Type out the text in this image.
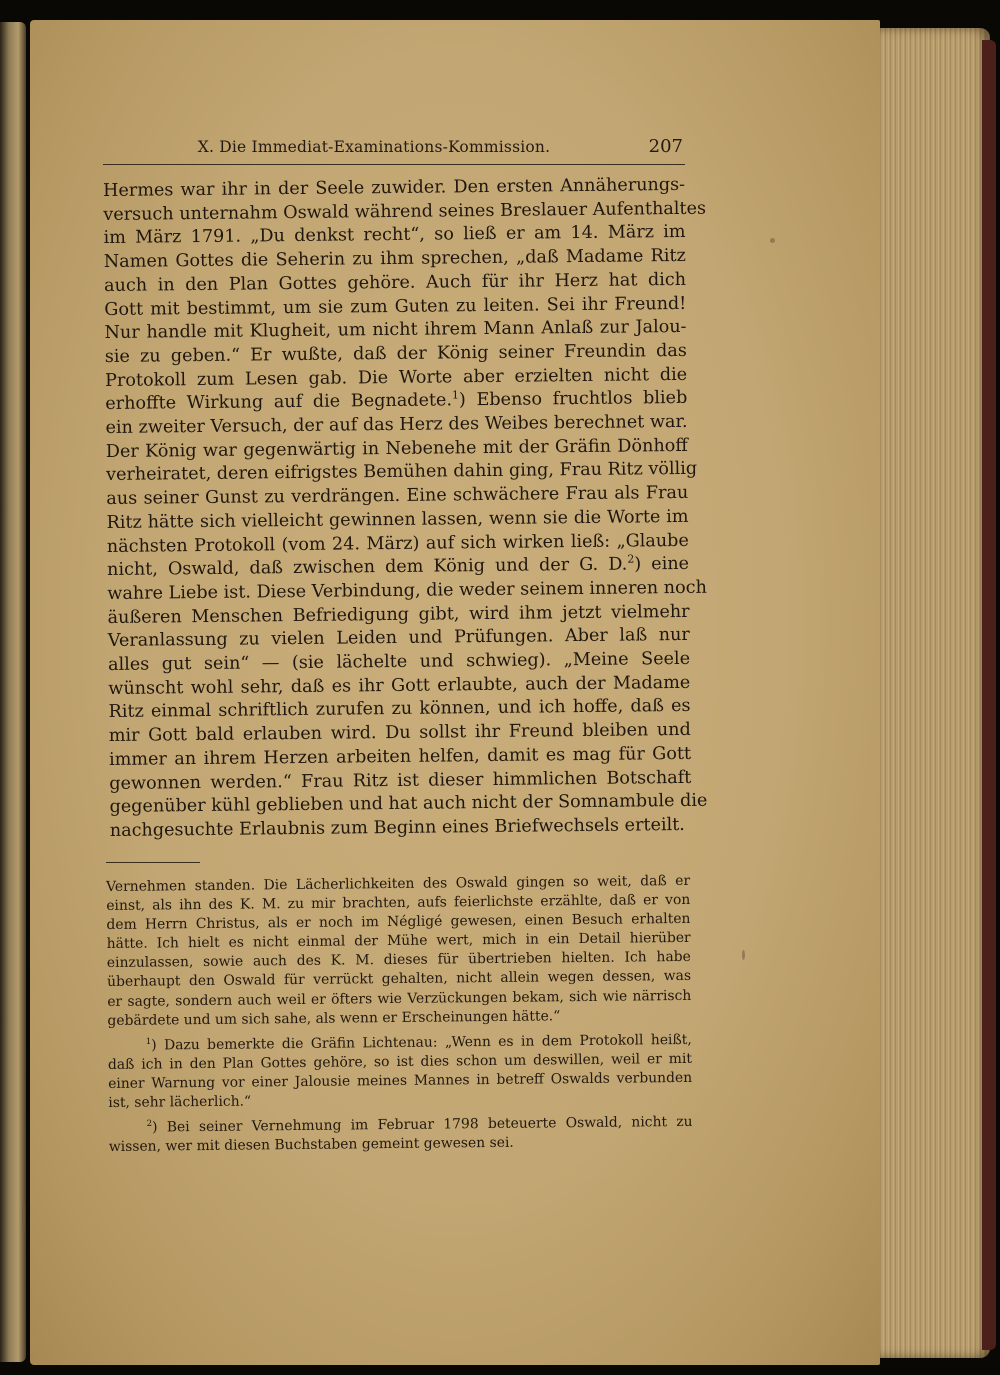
X. Die Immediat-Examinations-Kommission.	207
Hermes war ihr in der Seele zuwider. Den ersten Annäherungs-
versuch unternahm Oswald während seines Breslauer Aufenthaltes
im März 1791. „Du denkst recht“, so ließ er am 14. März im
Namen Gottes die Seherin zu ihm sprechen, „daß Madame Ritz
auch in den Plan Gottes gehöre. Auch für ihr Herz hat dich
Gott mit bestimmt, um sie zum Guten zu leiten. Sei ihr Freund!
Nur handle mit Klugheit, um nicht ihrem Mann Anlaß zur Jalou-
sie zu geben.“ Er wußte, daß der König seiner Freundin das
Protokoll zum Lesen gab. Die Worte aber erzielten nicht die
erhoffte Wirkung auf die Begnadete.$^1$) Ebenso fruchtlos blieb
ein zweiter Versuch, der auf das Herz des Weibes berechnet war.
Der König war gegenwärtig in Nebenehe mit der Gräfin Dönhoff
verheiratet, deren eifrigstes Bemühen dahin ging, Frau Ritz völlig
aus seiner Gunst zu verdrängen. Eine schwächere Frau als Frau
Ritz hätte sich vielleicht gewinnen lassen, wenn sie die Worte im
nächsten Protokoll (vom 24. März) auf sich wirken ließ: „Glaube
nicht, Oswald, daß zwischen dem König und der G. D.$^2$) eine
wahre Liebe ist. Diese Verbindung, die weder seinem inneren noch
äußeren Menschen Befriedigung gibt, wird ihm jetzt vielmehr
Veranlassung zu vielen Leiden und Prüfungen. Aber laß nur
alles gut sein“ — (sie lächelte und schwieg). „Meine Seele
wünscht wohl sehr, daß es ihr Gott erlaubte, auch der Madame
Ritz einmal schriftlich zurufen zu können, und ich hoffe, daß es
mir Gott bald erlauben wird. Du sollst ihr Freund bleiben und
immer an ihrem Herzen arbeiten helfen, damit es mag für Gott
gewonnen werden.“ Frau Ritz ist dieser himmlichen Botschaft
gegenüber kühl geblieben und hat auch nicht der Somnambule die
nachgesuchte Erlaubnis zum Beginn eines Briefwechsels erteilt.
Vernehmen standen. Die Lächerlichkeiten des Oswald gingen so weit, daß er
einst, als ihn des K. M. zu mir brachten, aufs feierlichste erzählte, daß er von
dem Herrn Christus, als er noch im Négligé gewesen, einen Besuch erhalten
hätte. Ich hielt es nicht einmal der Mühe wert, mich in ein Detail hierüber
einzulassen, sowie auch des K. M. dieses für übertrieben hielten. Ich habe
überhaupt den Oswald für verrückt gehalten, nicht allein wegen dessen, was
er sagte, sondern auch weil er öfters wie Verzückungen bekam, sich wie närrisch
gebärdete und um sich sahe, als wenn er Erscheinungen hätte.“
$^1$) Dazu bemerkte die Gräfin Lichtenau: „Wenn es in dem Protokoll heißt,
daß ich in den Plan Gottes gehöre, so ist dies schon um deswillen, weil er mit
einer Warnung vor einer Jalousie meines Mannes in betreff Oswalds verbunden
ist, sehr lächerlich.“
$^2$) Bei seiner Vernehmung im Februar 1798 beteuerte Oswald, nicht zu
wissen, wer mit diesen Buchstaben gemeint gewesen sei.
